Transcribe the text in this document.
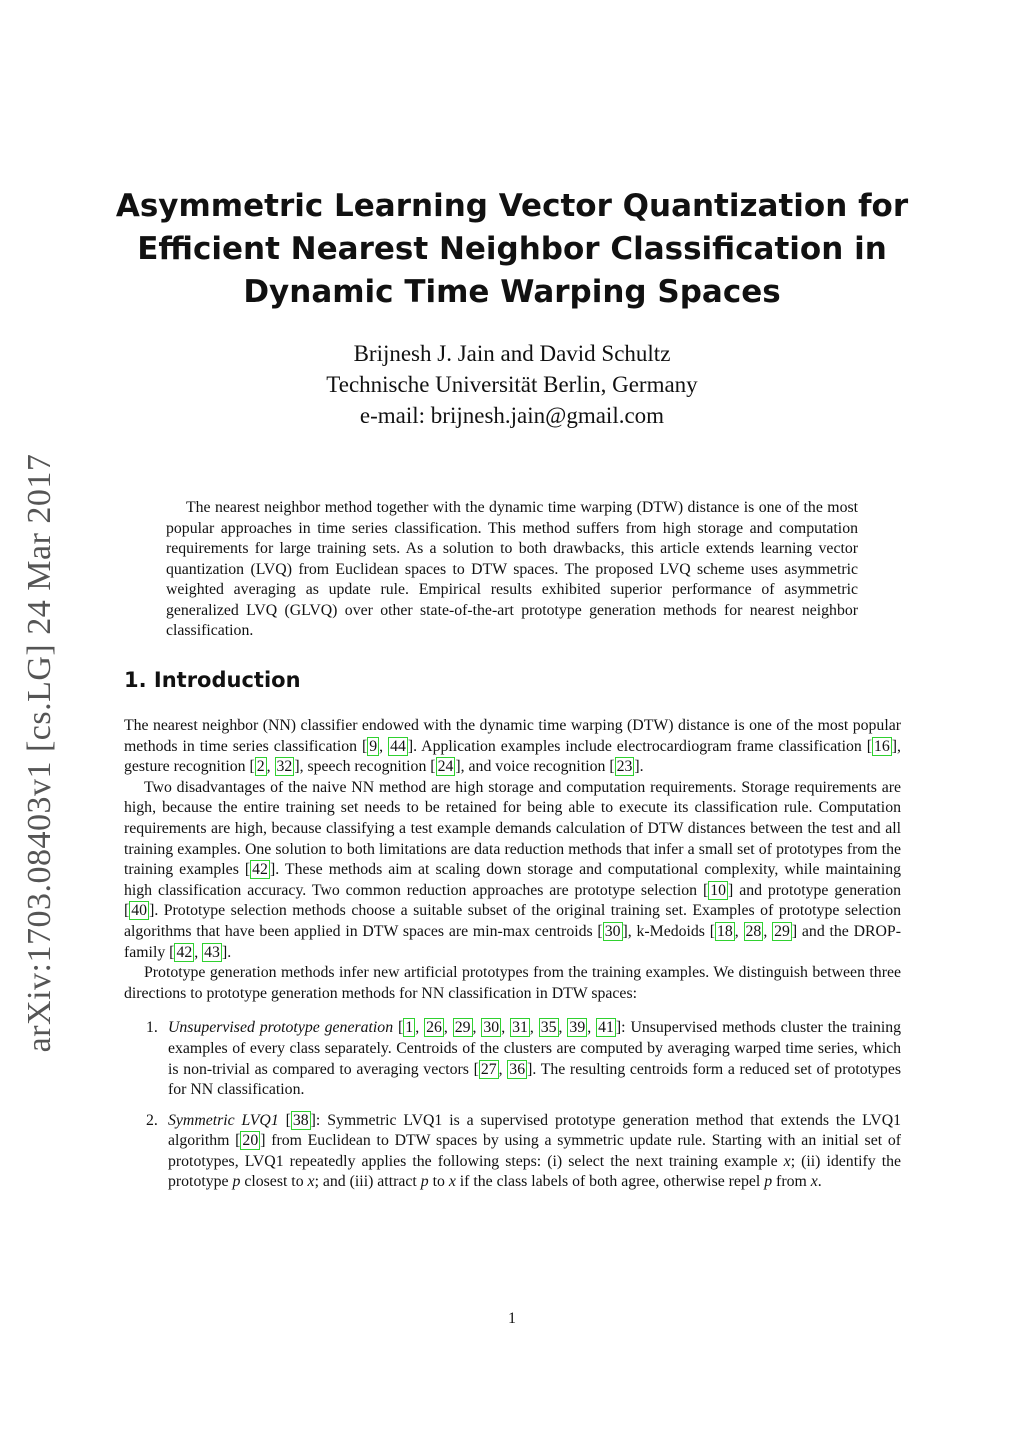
arXiv:1703.08403v1 [cs.LG] 24 Mar 2017
Asymmetric Learning Vector Quantization for
Efficient Nearest Neighbor Classification in
Dynamic Time Warping Spaces
Brijnesh J. Jain and David Schultz
Technische Universität Berlin, Germany
e-mail: brijnesh.jain@gmail.com
The nearest neighbor method together with the dynamic time warping (DTW) distance is one of the most popular approaches in time series classification. This method suffers from high storage and computation requirements for large training sets. As a solution to both drawbacks, this article extends learning vector quantization (LVQ) from Euclidean spaces to DTW spaces. The proposed LVQ scheme uses asymmetric weighted averaging as update rule. Empirical results exhibited superior performance of asymmetric generalized LVQ (GLVQ) over other state-of-the-art prototype generation methods for nearest neighbor classification.
1. Introduction

The nearest neighbor (NN) classifier endowed with the dynamic time warping (DTW) distance is one of the most popular methods in time series classification [ 9 , 44 ]. Application examples include electrocardiogram frame classification [ 16 ], gesture recognition [ 2 , 32 ], speech recognition [ 24 ], and voice recognition [ 23 ].

Two disadvantages of the naive NN method are high storage and computation requirements. Storage requirements are high, because the entire training set needs to be retained for being able to execute its classification rule. Computation requirements are high, because classifying a test example demands calculation of DTW distances between the test and all training examples. One solution to both limitations are data reduction methods that infer a small set of prototypes from the training examples [ 42 ]. These methods aim at scaling down storage and computational complexity, while maintaining high classification accuracy. Two common reduction approaches are prototype selection [ 10 ] and prototype generation [ 40 ]. Prototype selection methods choose a suitable subset of the original training set. Examples of prototype selection algorithms that have been applied in DTW spaces are min-max centroids [ 30 ], k-Medoids [ 18 , 28 , 29 ] and the DROP-family [ 42 , 43 ].

Prototype generation methods infer new artificial prototypes from the training examples. We distinguish between three directions to prototype generation methods for NN classification in DTW spaces:

1. Unsupervised prototype generation [ 1 , 26 , 29 , 30 , 31 , 35 , 39 , 41 ]: Unsupervised methods cluster the training examples of every class separately. Centroids of the clusters are computed by averaging warped time series, which is non-trivial as compared to averaging vectors [ 27 , 36 ]. The resulting centroids form a reduced set of prototypes for NN classification.
2. Symmetric LVQ1 [ 38 ]: Symmetric LVQ1 is a supervised prototype generation method that extends the LVQ1 algorithm [ 20 ] from Euclidean to DTW spaces by using a symmetric update rule. Starting with an initial set of prototypes, LVQ1 repeatedly applies the following steps: (i) select the next training example x; (ii) identify the prototype p closest to x; and (iii) attract p to x if the class labels of both agree, otherwise repel p from x.
1
